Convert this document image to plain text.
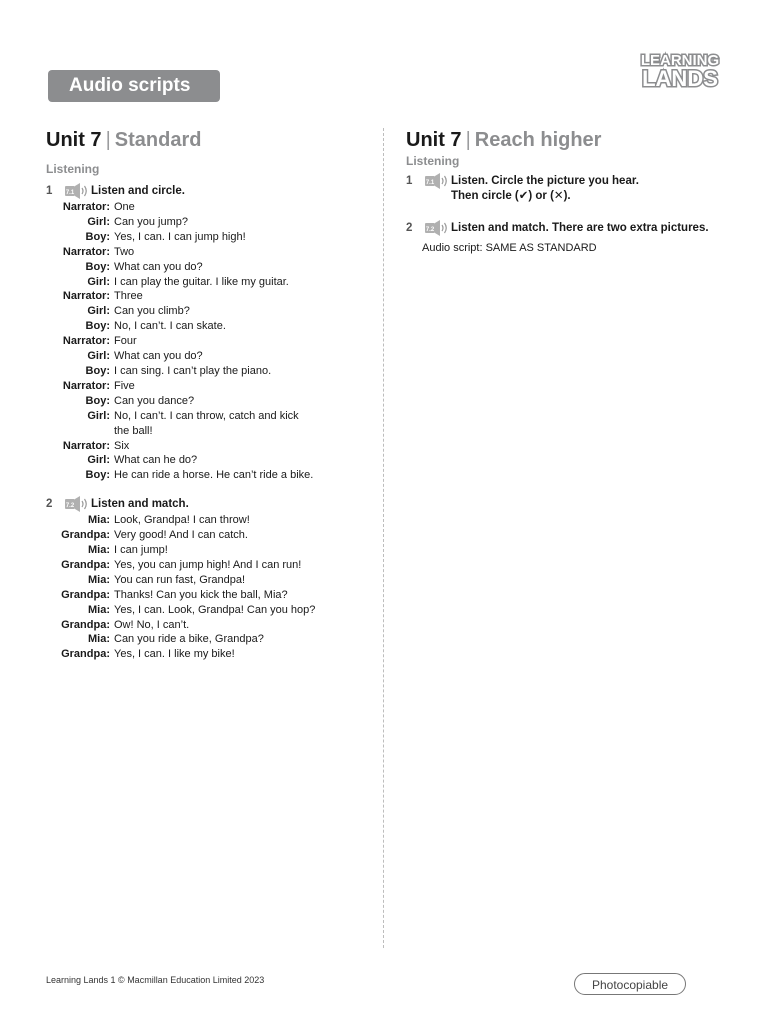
Audio scripts
LEARNING
LANDS
Unit 7 | Standard
Listening
1	7.1 Listen and circle.
Narrator: One
Girl: Can you jump?
Boy: Yes, I can. I can jump high!
Narrator: Two
Boy: What can you do?
Girl: I can play the guitar. I like my guitar.
Narrator: Three
Girl: Can you climb?
Boy: No, I can’t. I can skate.
Narrator: Four
Girl: What can you do?
Boy: I can sing. I can’t play the piano.
Narrator: Five
Boy: Can you dance?
Girl: No, I can’t. I can throw, catch and kick
the ball!
Narrator: Six
Girl: What can he do?
Boy: He can ride a horse. He can’t ride a bike.
2	7.2 Listen and match.
Mia: Look, Grandpa! I can throw!
Grandpa: Very good! And I can catch.
Mia: I can jump!
Grandpa: Yes, you can jump high! And I can run!
Mia: You can run fast, Grandpa!
Grandpa: Thanks! Can you kick the ball, Mia?
Mia: Yes, I can. Look, Grandpa! Can you hop?
Grandpa: Ow! No, I can’t.
Mia: Can you ride a bike, Grandpa?
Grandpa: Yes, I can. I like my bike!
Unit 7 | Reach higher
Listening
1	7.1 Listen. Circle the picture you hear.
Then circle (✔) or (✕).
2	7.2 Listen and match. There are two extra pictures.
Audio script: SAME AS STANDARD
Learning Lands 1 © Macmillan Education Limited 2023	Photocopiable
